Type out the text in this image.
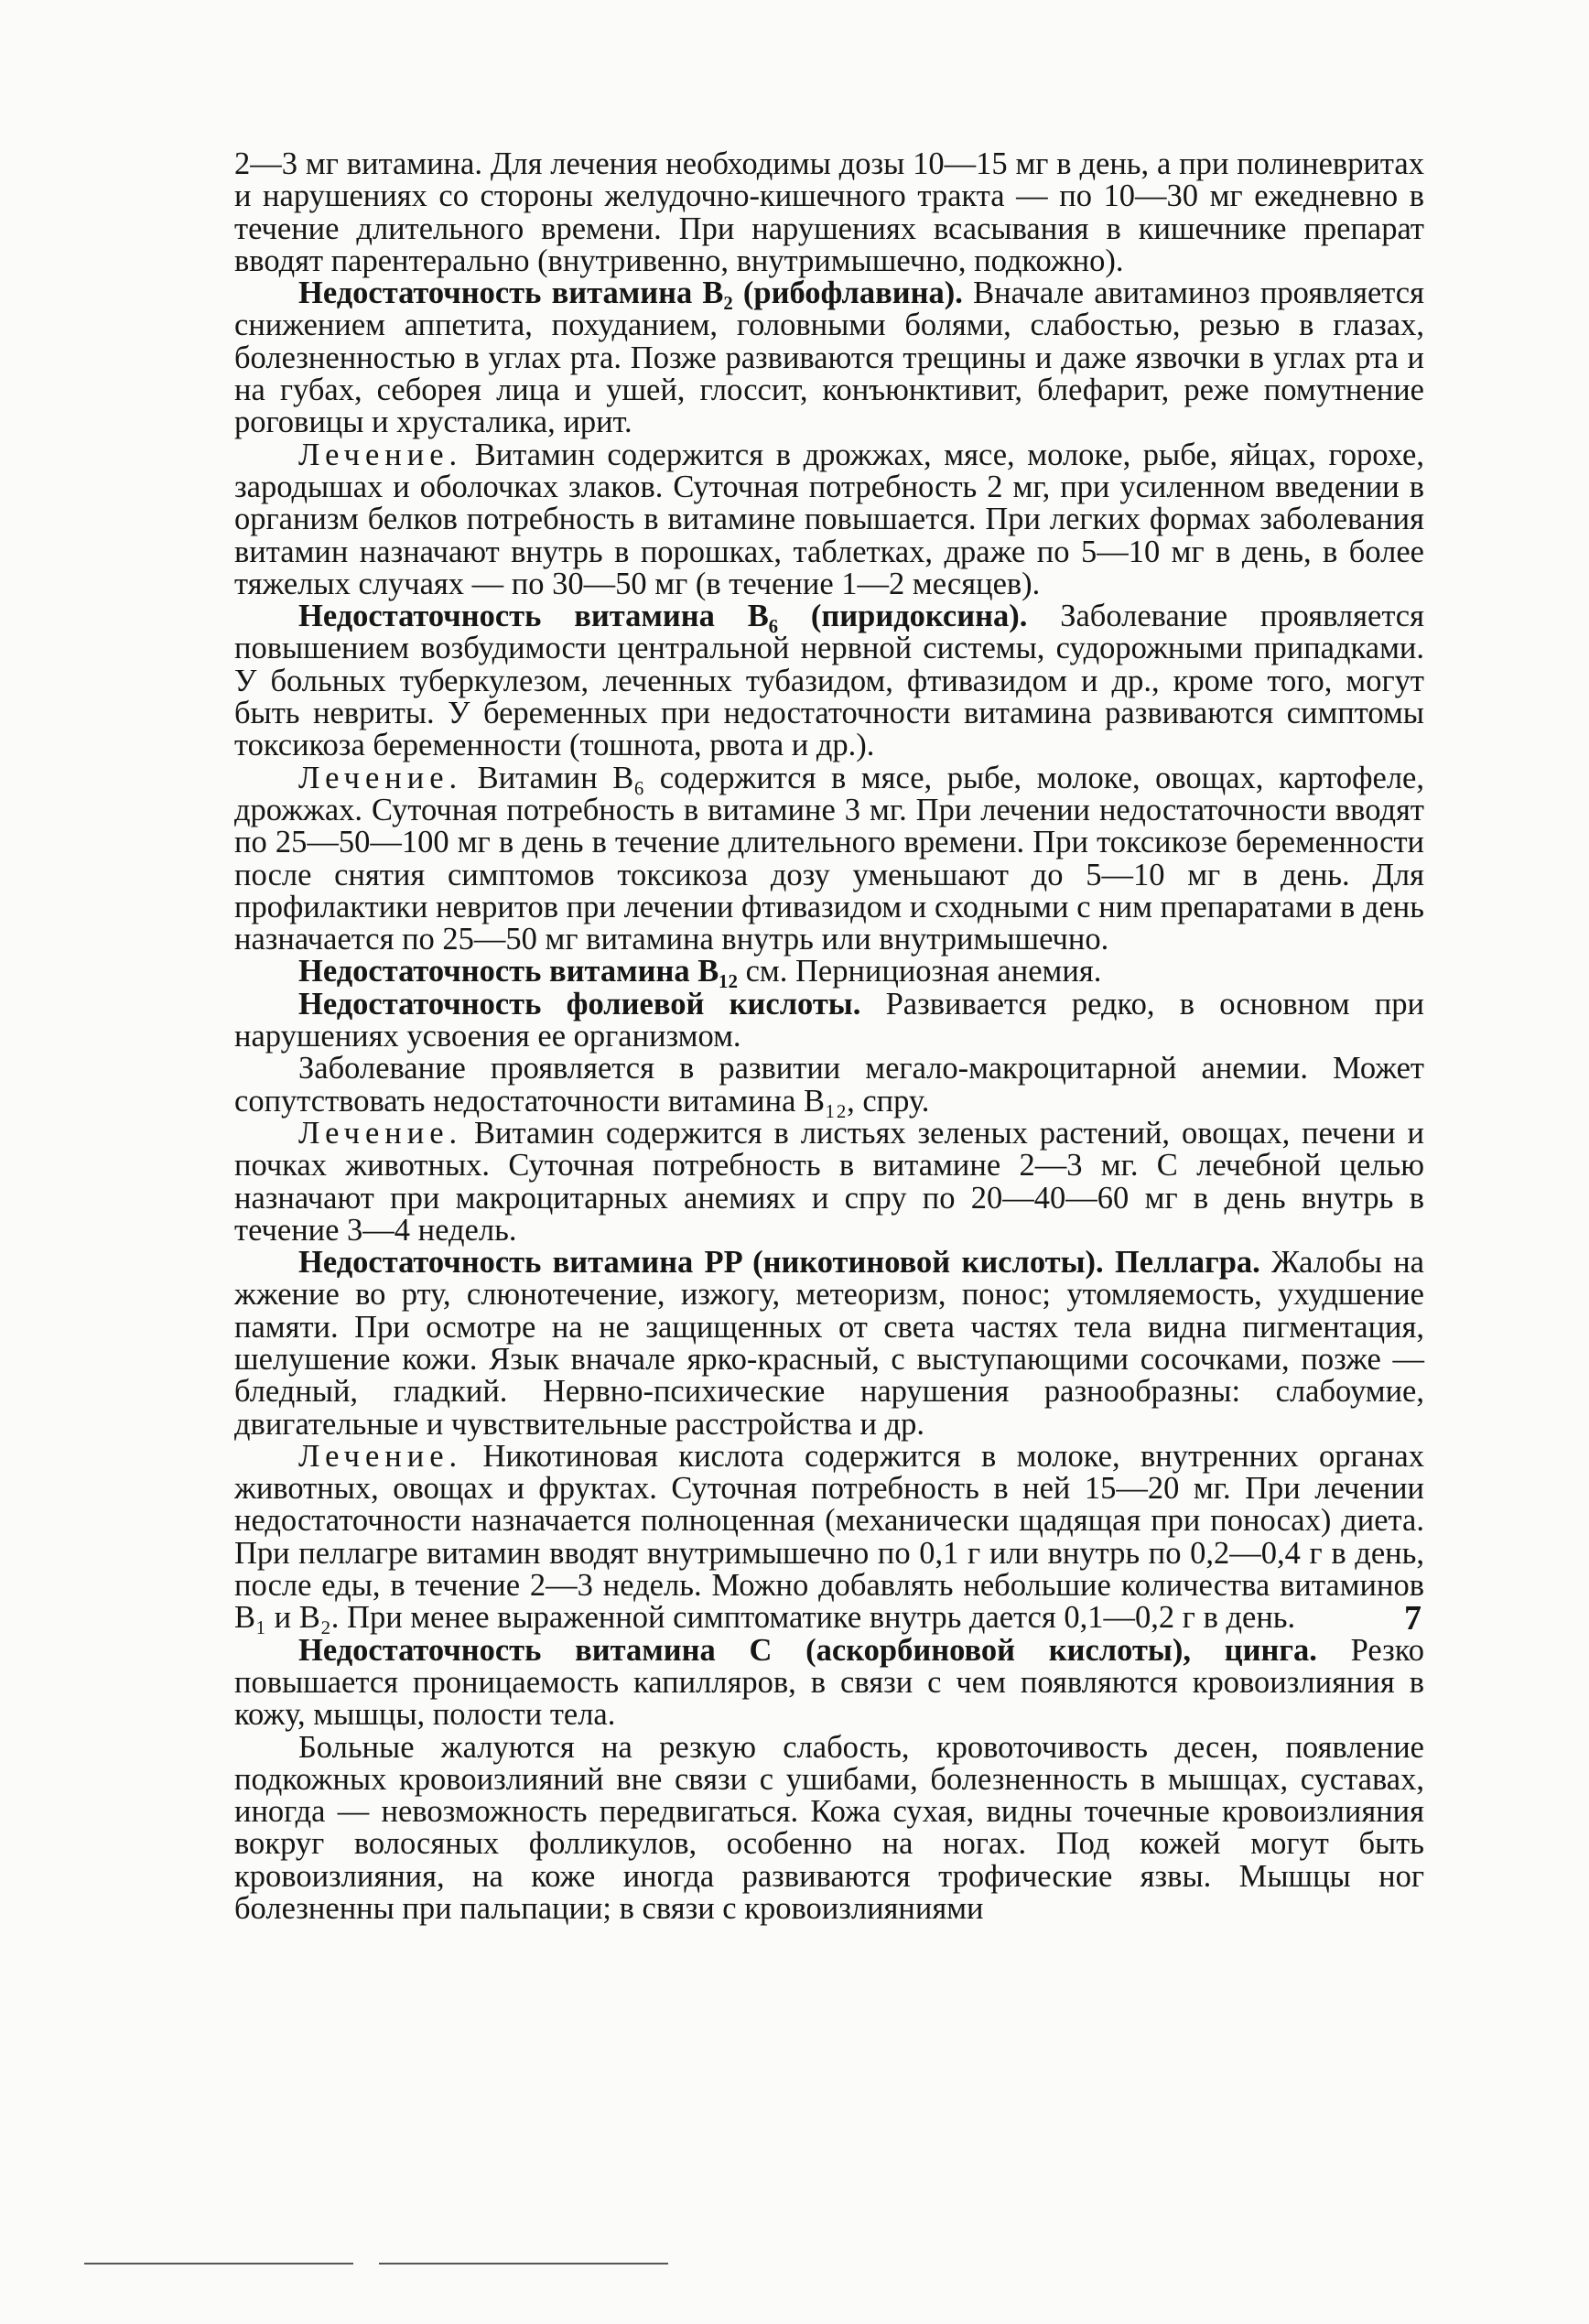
2—3 мг витамина. Для лечения необходимы дозы 10—15 мг в день, а при полиневритах и нарушениях со стороны желудочно-кишечного тракта — по 10—30 мг ежедневно в течение длительного времени. При нарушениях всасывания в кишечнике препарат вводят парентерально (внутривенно, внутримышечно, подкожно).

Недостаточность витамина B₂ (рибофлавина). Вначале авитаминоз проявляется снижением аппетита, похуданием, головными болями, слабостью, резью в глазах, болезненностью в углах рта. Позже развиваются трещины и даже язвочки в углах рта и на губах, себорея лица и ушей, глоссит, конъюнктивит, блефарит, реже помутнение роговицы и хрусталика, ирит.

Лечение. Витамин содержится в дрожжах, мясе, молоке, рыбе, яйцах, горохе, зародышах и оболочках злаков. Суточная потребность 2 мг, при усиленном введении в организм белков потребность в витамине повышается. При легких формах заболевания витамин назначают внутрь в порошках, таблетках, драже по 5—10 мг в день, в более тяжелых случаях — по 30—50 мг (в течение 1—2 месяцев).

Недостаточность витамина B₆ (пиридоксина). Заболевание проявляется повышением возбудимости центральной нервной системы, судорожными припадками. У больных туберкулезом, леченных тубазидом, фтивазидом и др., кроме того, могут быть невриты. У беременных при недостаточности витамина развиваются симптомы токсикоза беременности (тошнота, рвота и др.).

Лечение. Витамин B₆ содержится в мясе, рыбе, молоке, овощах, картофеле, дрожжах. Суточная потребность в витамине 3 мг. При лечении недостаточности вводят по 25—50—100 мг в день в течение длительного времени. При токсикозе беременности после снятия симптомов токсикоза дозу уменьшают до 5—10 мг в день. Для профилактики невритов при лечении фтивазидом и сходными с ним препаратами в день назначается по 25—50 мг витамина внутрь или внутримышечно.

Недостаточность витамина B₁₂ см. Пернициозная анемия.

Недостаточность фолиевой кислоты. Развивается редко, в основном при нарушениях усвоения ее организмом.

Заболевание проявляется в развитии мегало-макроцитарной анемии. Может сопутствовать недостаточности витамина B₁₂, спру.

Лечение. Витамин содержится в листьях зеленых растений, овощах, печени и почках животных. Суточная потребность в витамине 2—3 мг. С лечебной целью назначают при макроцитарных анемиях и спру по 20—40—60 мг в день внутрь в течение 3—4 недель.

Недостаточность витамина PP (никотиновой кислоты). Пеллагра. Жалобы на жжение во рту, слюнотечение, изжогу, метеоризм, понос; утомляемость, ухудшение памяти. При осмотре на не защищенных от света частях тела видна пигментация, шелушение кожи. Язык вначале ярко-красный, с выступающими сосочками, позже — бледный, гладкий. Нервно-психические нарушения разнообразны: слабоумие, двигательные и чувствительные расстройства и др.

Лечение. Никотиновая кислота содержится в молоке, внутренних органах животных, овощах и фруктах. Суточная потребность в ней 15—20 мг. При лечении недостаточности назначается полноценная (механически щадящая при поносах) диета. При пеллагре витамин вводят внутримышечно по 0,1 г или внутрь по 0,2—0,4 г в день, после еды, в течение 2—3 недель. Можно добавлять небольшие количества витаминов B₁ и B₂. При менее выраженной симптоматике внутрь дается 0,1—0,2 г в день.

Недостаточность витамина C (аскорбиновой кислоты), цинга. Резко повышается проницаемость капилляров, в связи с чем появляются кровоизлияния в кожу, мышцы, полости тела.

Больные жалуются на резкую слабость, кровоточивость десен, появление подкожных кровоизлияний вне связи с ушибами, болезненность в мышцах, суставах, иногда — невозможность передвигаться. Кожа сухая, видны точечные кровоизлияния вокруг волосяных фолликулов, особенно на ногах. Под кожей могут быть кровоизлияния, на коже иногда развиваются трофические язвы. Мышцы ног болезненны при пальпации; в связи с кровоизлияниями

7
